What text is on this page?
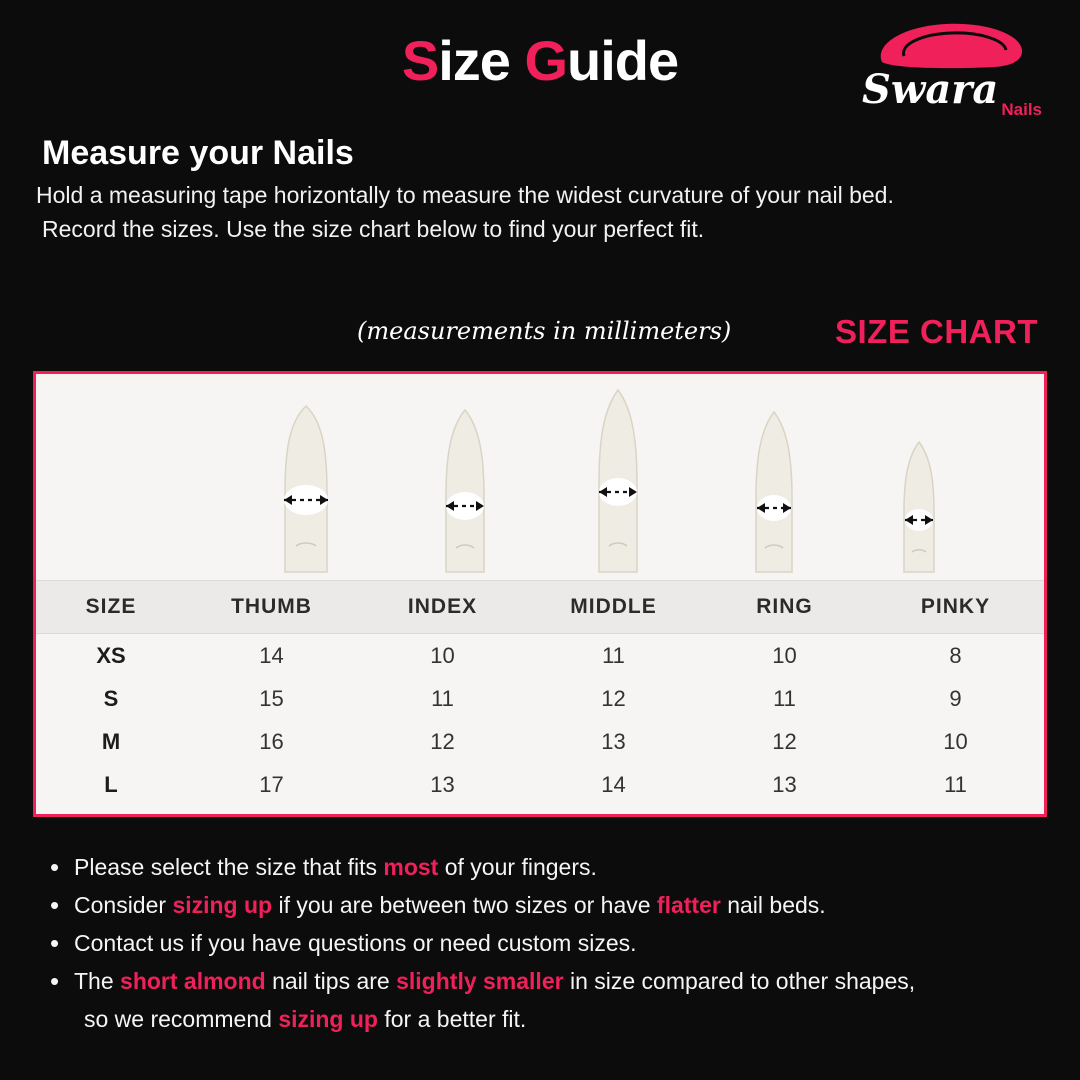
Size Guide	Swara Nails
Measure your Nails
Hold a measuring tape horizontally to measure the widest curvature of your nail bed.
Record the sizes. Use the size chart below to find your perfect fit.
(measurements in millimeters)	SIZE CHART
SIZE	THUMB	INDEX	MIDDLE	RING	PINKY
XS	14	10	11	10	8
S	15	11	12	11	9
M	16	12	13	12	10
L	17	13	14	13	11
• Please select the size that fits most of your fingers.
• Consider sizing up if you are between two sizes or have flatter nail beds.
• Contact us if you have questions or need custom sizes.
• The short almond nail tips are slightly smaller in size compared to other shapes,
so we recommend sizing up for a better fit.
